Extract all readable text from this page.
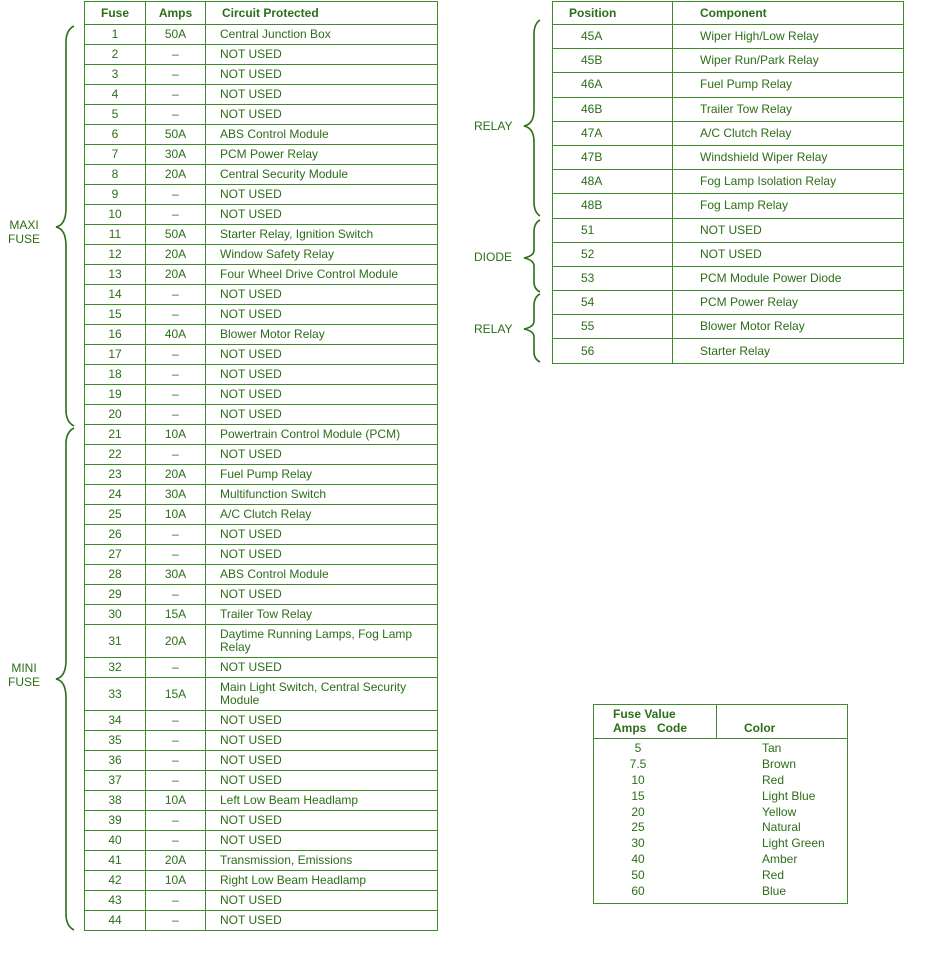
Fuse	Amps	Circuit Protected
1	50A	Central Junction Box
2	–	NOT USED
3	–	NOT USED
4	–	NOT USED
5	–	NOT USED
6	50A	ABS Control Module
7	30A	PCM Power Relay
8	20A	Central Security Module
9	–	NOT USED
10	–	NOT USED
11	50A	Starter Relay, Ignition Switch
12	20A	Window Safety Relay
13	20A	Four Wheel Drive Control Module
14	–	NOT USED
15	–	NOT USED
16	40A	Blower Motor Relay
17	–	NOT USED
18	–	NOT USED
19	–	NOT USED
20	–	NOT USED
21	10A	Powertrain Control Module (PCM)
22	–	NOT USED
23	20A	Fuel Pump Relay
24	30A	Multifunction Switch
25	10A	A/C Clutch Relay
26	–	NOT USED
27	–	NOT USED
28	30A	ABS Control Module
29	–	NOT USED
30	15A	Trailer Tow Relay
31	20A	Daytime Running Lamps, Fog Lamp Relay
32	–	NOT USED
33	15A	Main Light Switch, Central Security Module
34	–	NOT USED
35	–	NOT USED
36	–	NOT USED
37	–	NOT USED
38	10A	Left Low Beam Headlamp
39	–	NOT USED
40	–	NOT USED
41	20A	Transmission, Emissions
42	10A	Right Low Beam Headlamp
43	–	NOT USED
44	–	NOT USED
MAXI
FUSE
MINI
FUSE
Position	Component
45A	Wiper High/Low Relay
45B	Wiper Run/Park Relay
46A	Fuel Pump Relay
46B	Trailer Tow Relay
47A	A/C Clutch Relay
47B	Windshield Wiper Relay
48A	Fog Lamp Isolation Relay
48B	Fog Lamp Relay
51	NOT USED
52	NOT USED
53	PCM Module Power Diode
54	PCM Power Relay
55	Blower Motor Relay
56	Starter Relay
RELAY
DIODE
RELAY
Fuse Value
Amps Code	Color
5	Tan
7.5	Brown
10	Red
15	Light Blue
20	Yellow
25	Natural
30	Light Green
40	Amber
50	Red
60	Blue
